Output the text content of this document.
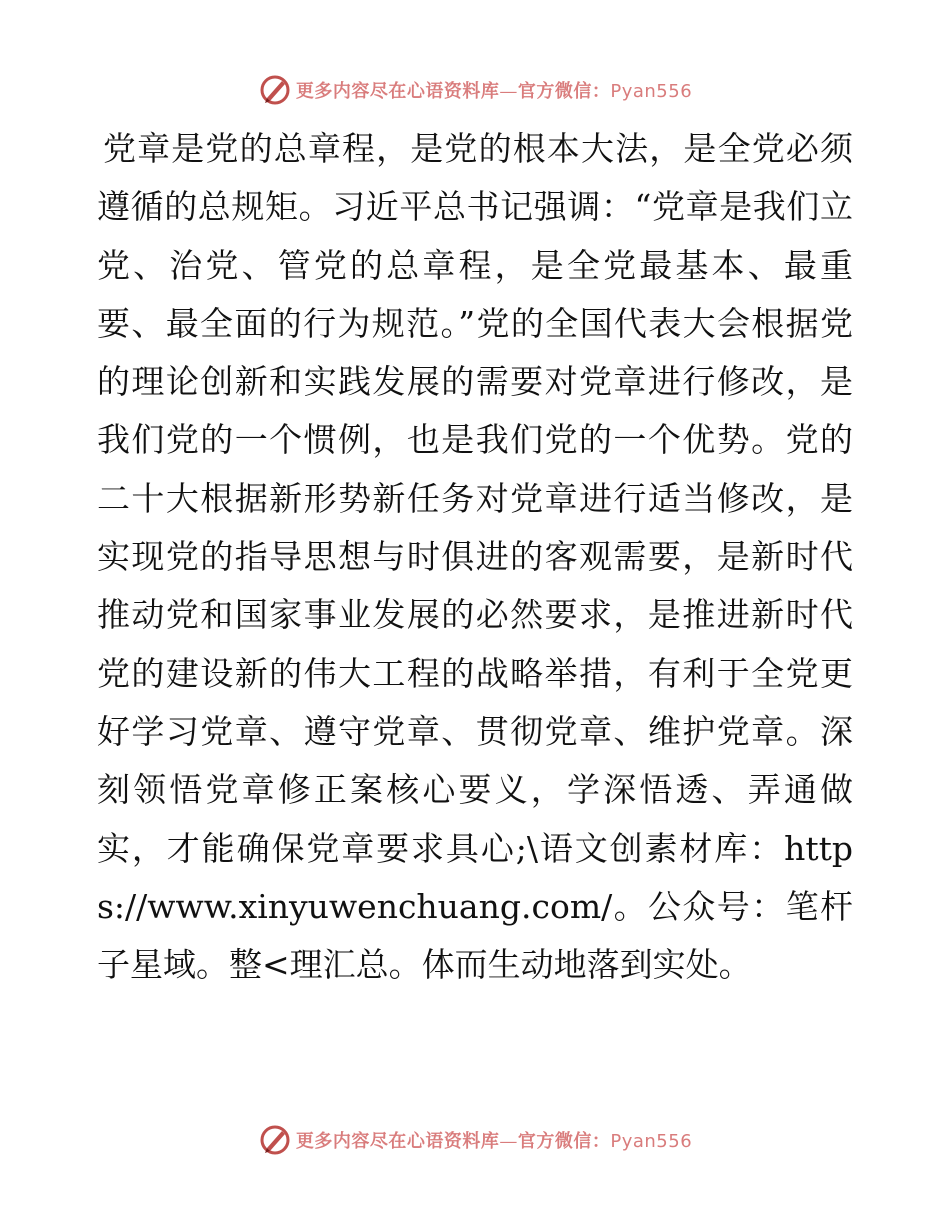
更多内容尽在心语资料库—官方微信：Pyan556

党章是党的总章程，是党的根本大法，是全党必须遵循的总规矩。习近平总书记强调：“党章是我们立党、治党、管党的总章程，是全党最基本、最重要、最全面的行为规范。”党的全国代表大会根据党的理论创新和实践发展的需要对党章进行修改，是我们党的一个惯例，也是我们党的一个优势。党的二十大根据新形势新任务对党章进行适当修改，是实现党的指导思想与时俱进的客观需要，是新时代推动党和国家事业发展的必然要求，是推进新时代党的建设新的伟大工程的战略举措，有利于全党更好学习党章、遵守党章、贯彻党章、维护党章。深刻领悟党章修正案核心要义，学深悟透、弄通做实，才能确保党章要求具心;\语文创素材库：https://www.xinyuwenchuang.com/。公众号：笔杆子星域。整<理汇总。体而生动地落到实处。

更多内容尽在心语资料库—官方微信：Pyan556
